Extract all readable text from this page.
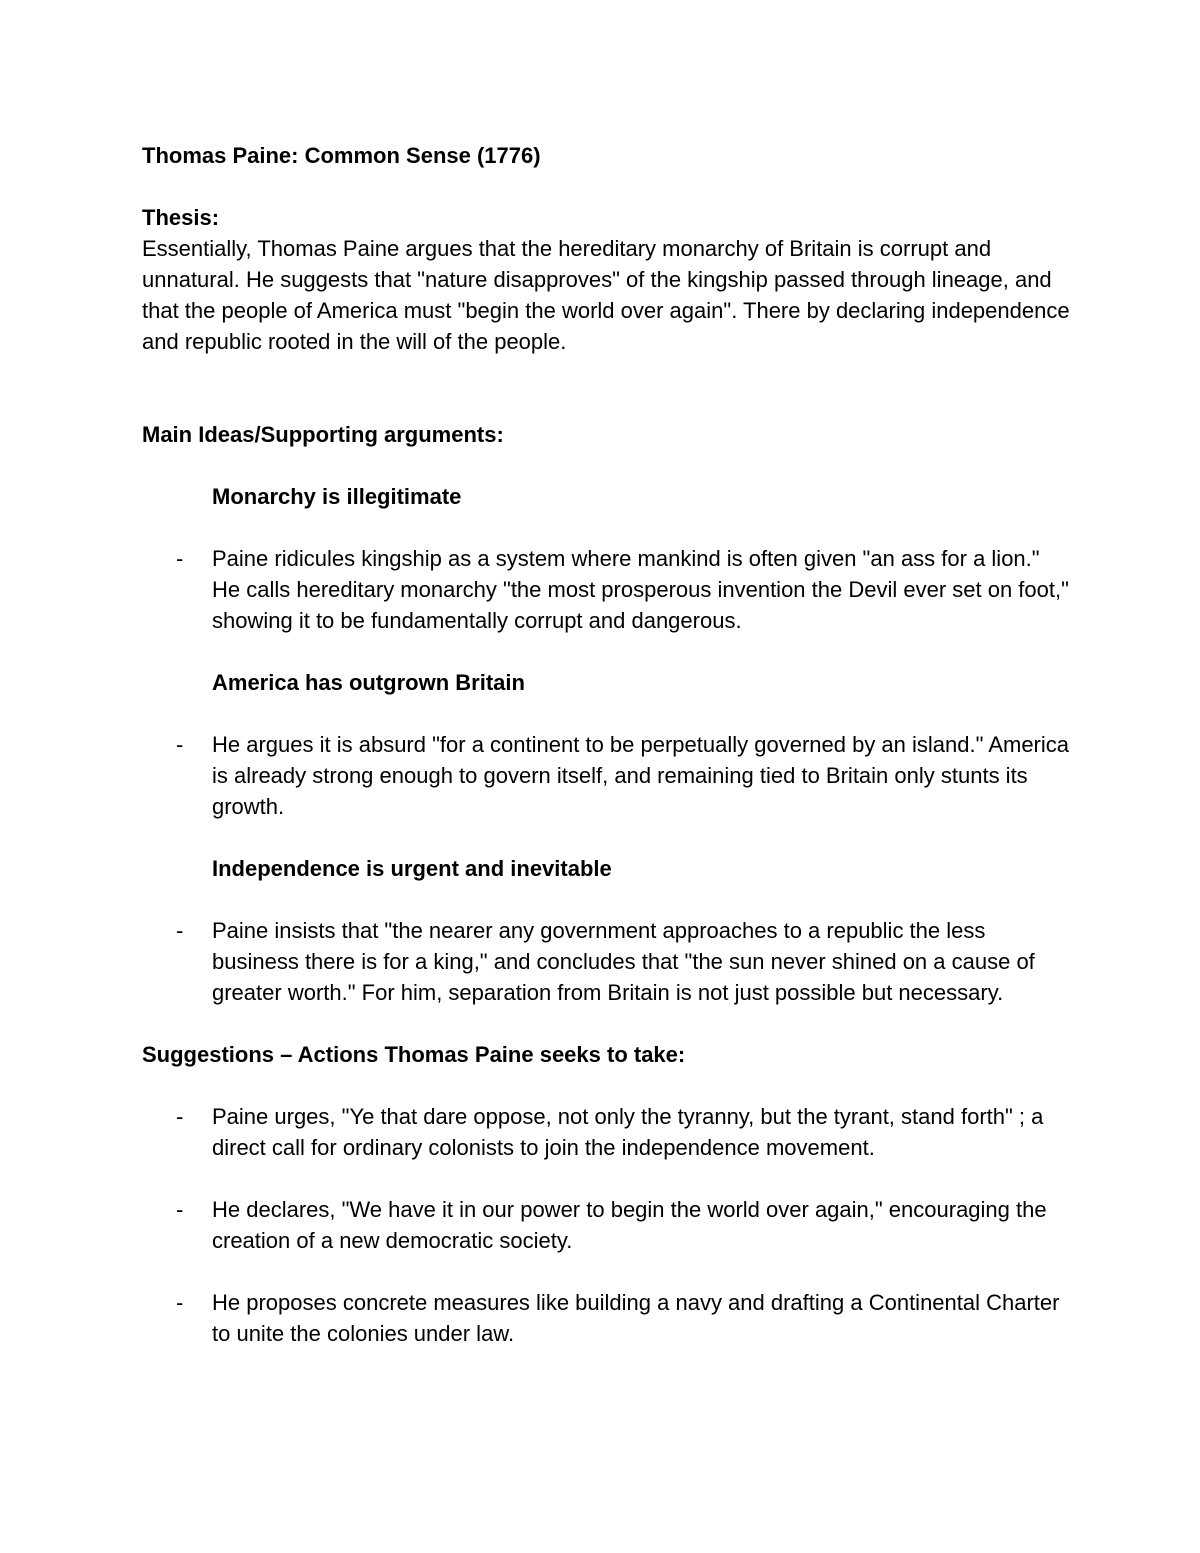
Thomas Paine: Common Sense (1776)
Thesis:
Essentially, Thomas Paine argues that the hereditary monarchy of Britain is corrupt and unnatural. He suggests that "nature disapproves" of the kingship passed through lineage, and that the people of America must "begin the world over again". There by declaring independence and republic rooted in the will of the people.
Main Ideas/Supporting arguments:
Monarchy is illegitimate
- Paine ridicules kingship as a system where mankind is often given "an ass for a lion." He calls hereditary monarchy "the most prosperous invention the Devil ever set on foot," showing it to be fundamentally corrupt and dangerous.
America has outgrown Britain
- He argues it is absurd "for a continent to be perpetually governed by an island." America is already strong enough to govern itself, and remaining tied to Britain only stunts its growth.
Independence is urgent and inevitable
- Paine insists that "the nearer any government approaches to a republic the less business there is for a king," and concludes that "the sun never shined on a cause of greater worth." For him, separation from Britain is not just possible but necessary.
Suggestions – Actions Thomas Paine seeks to take:
- Paine urges, "Ye that dare oppose, not only the tyranny, but the tyrant, stand forth" ; a direct call for ordinary colonists to join the independence movement.
- He declares, "We have it in our power to begin the world over again," encouraging the creation of a new democratic society.
- He proposes concrete measures like building a navy and drafting a Continental Charter to unite the colonies under law.
